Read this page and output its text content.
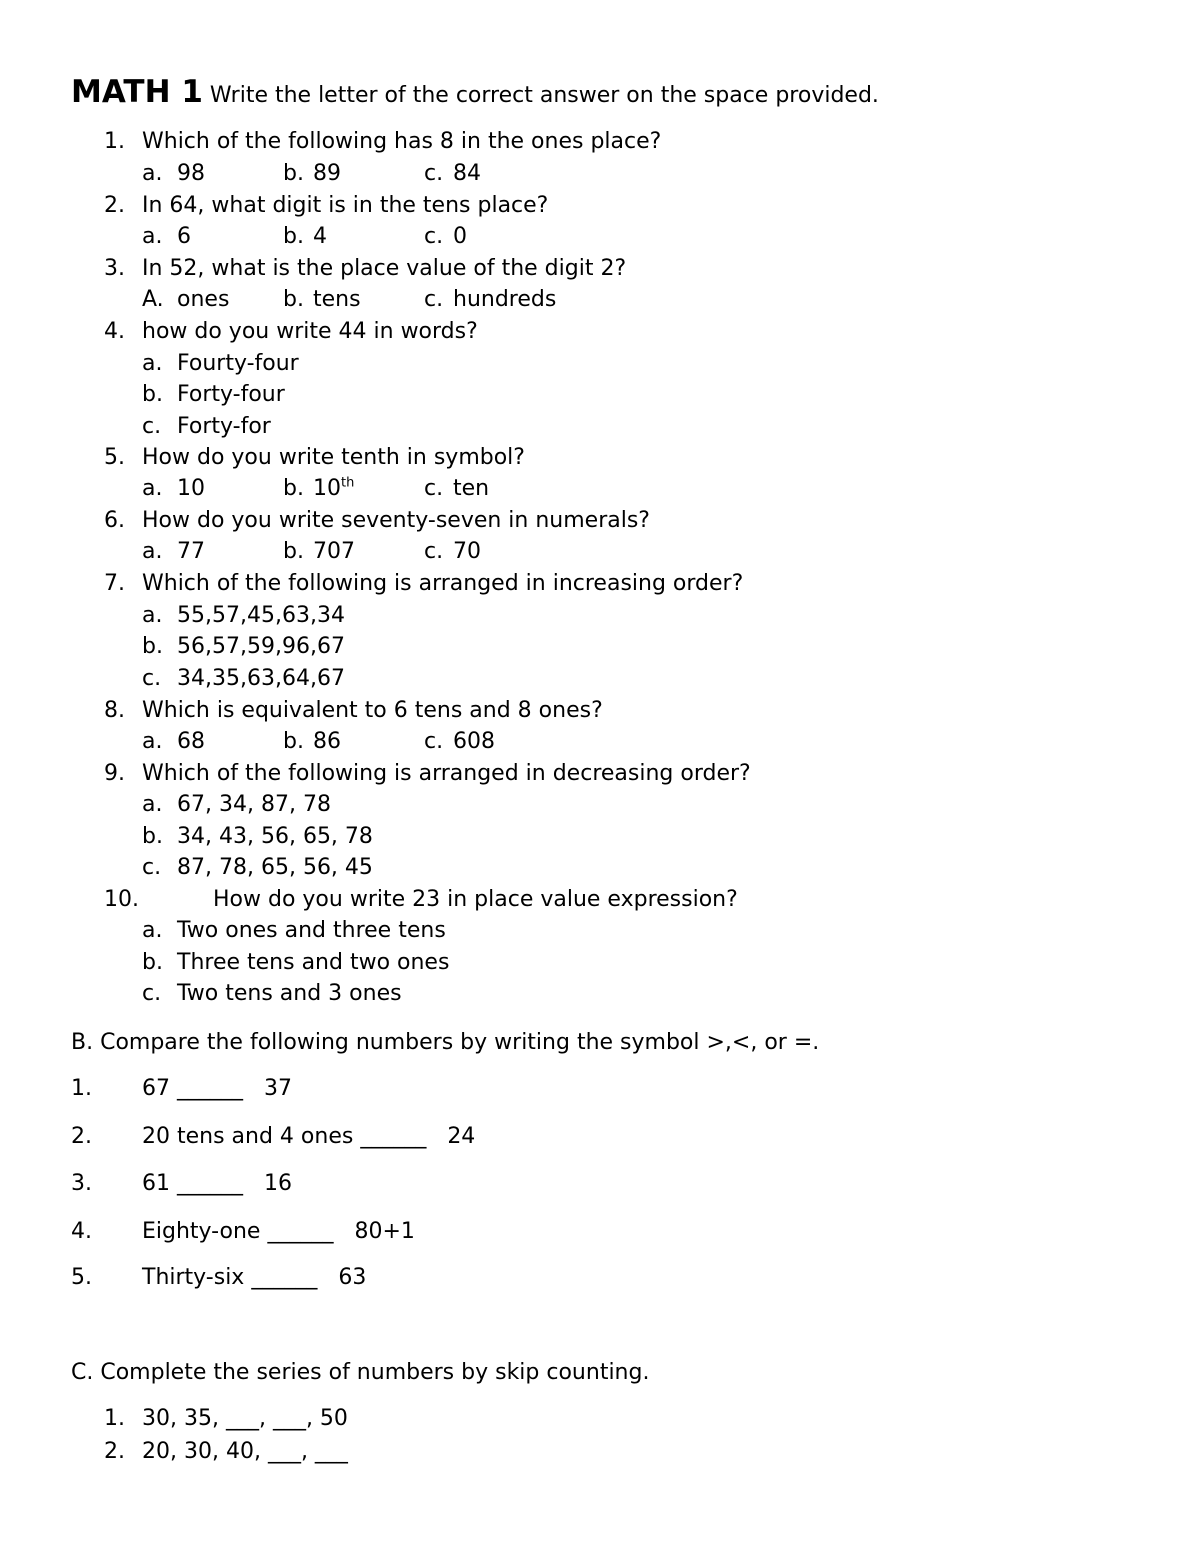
MATH 1 Write the letter of the correct answer on the space provided.
1. Which of the following has 8 in the ones place?
a. 98	b. 89	c. 84
2. In 64, what digit is in the tens place?
a. 6	b. 4	c. 0
3. In 52, what is the place value of the digit 2?
A. ones b. tens	c. hundreds
4. how do you write 44 in words?
a. Fourty-four
b. Forty-four
c. Forty-for
5. How do you write tenth in symbol?
a. 10	b. 10th	c. ten
6. How do you write seventy-seven in numerals?
a. 77	b. 707	c. 70
7. Which of the following is arranged in increasing order?
a. 55,57,45,63,34
b. 56,57,59,96,67
c. 34,35,63,64,67
8. Which is equivalent to 6 tens and 8 ones?
a. 68	b. 86	c. 608
9. Which of the following is arranged in decreasing order?
a. 67, 34, 87, 78
b. 34, 43, 56, 65, 78
c. 87, 78, 65, 56, 45
10.	How do you write 23 in place value expression?
a. Two ones and three tens
b. Three tens and two ones
c. Two tens and 3 ones
B. Compare the following numbers by writing the symbol >,<, or =.
1. 67 ______ 37
2. 20 tens and 4 ones ______ 24
3. 61 ______ 16
4. Eighty-one ______ 80+1
5. Thirty-six ______ 63
C. Complete the series of numbers by skip counting.
1. 30, 35, ___, ___, 50
2. 20, 30, 40, ___, ___
